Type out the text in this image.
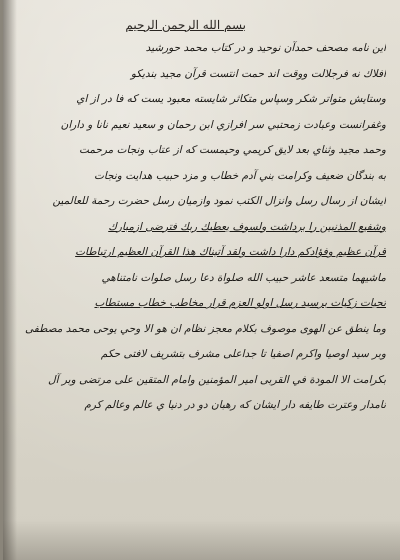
بسم الله الرحمن الرحيم
اين نامه مصحف حمدآن نوحيد و در كتاب محمد حورشيد
افلاك نه فرجلالت ووقت اند حمت انتست قرآن مجيد بنديكو
وستايش متواتر شكر وسپاس متكاثر شايسته معبود يست كه فا در از اي
وغفرانست وعبادت زمحتبي سر افرازي ابن رحمان و سعيد نعيم نانا و داران
وحمد مجيد وثناي بعد لايق كريمي وحيمست كه از عتاب ونجات مرحمت
به بندگان ضعيف وكرامت بني آدم خطاب و مزد حبيب هدايت ونجات
ايشان از رسال رسل وانزال الكتب نمود وازميان رسل حضرت رحمة للعالمين
وشفيع المذنبين را برداشت ولسوف يعطيك ربك فترضى ازمبارك
قرآن عظيم وفؤادكم دارا داشت ولقد آتيناك هذا القرآن العظيم ارتباطات
ماشيهما متسعد عاشر حبيب الله صلواة دعا رسل صلوات نامتناهي
تحيات زكيات برسيد رسل اولو العزم قرار مخاطب خطاب مستطاب
وما ينطق عن الهوى موصوف بكلام معجز نظام ان هو الا وحي يوحى محمد مصطفى
وبر سيد اوصيا واكرم اصفيا تا جداعلى مشرف بتشريف لافتى حكم
بكرامت الا المودة في القربى امير المؤمنين وامام المتقين على مرتضى وبر آل
نامدار وعترت طايفه دار ايشان كه رهبان دو در دنيا ي عالم وعالم كرم
